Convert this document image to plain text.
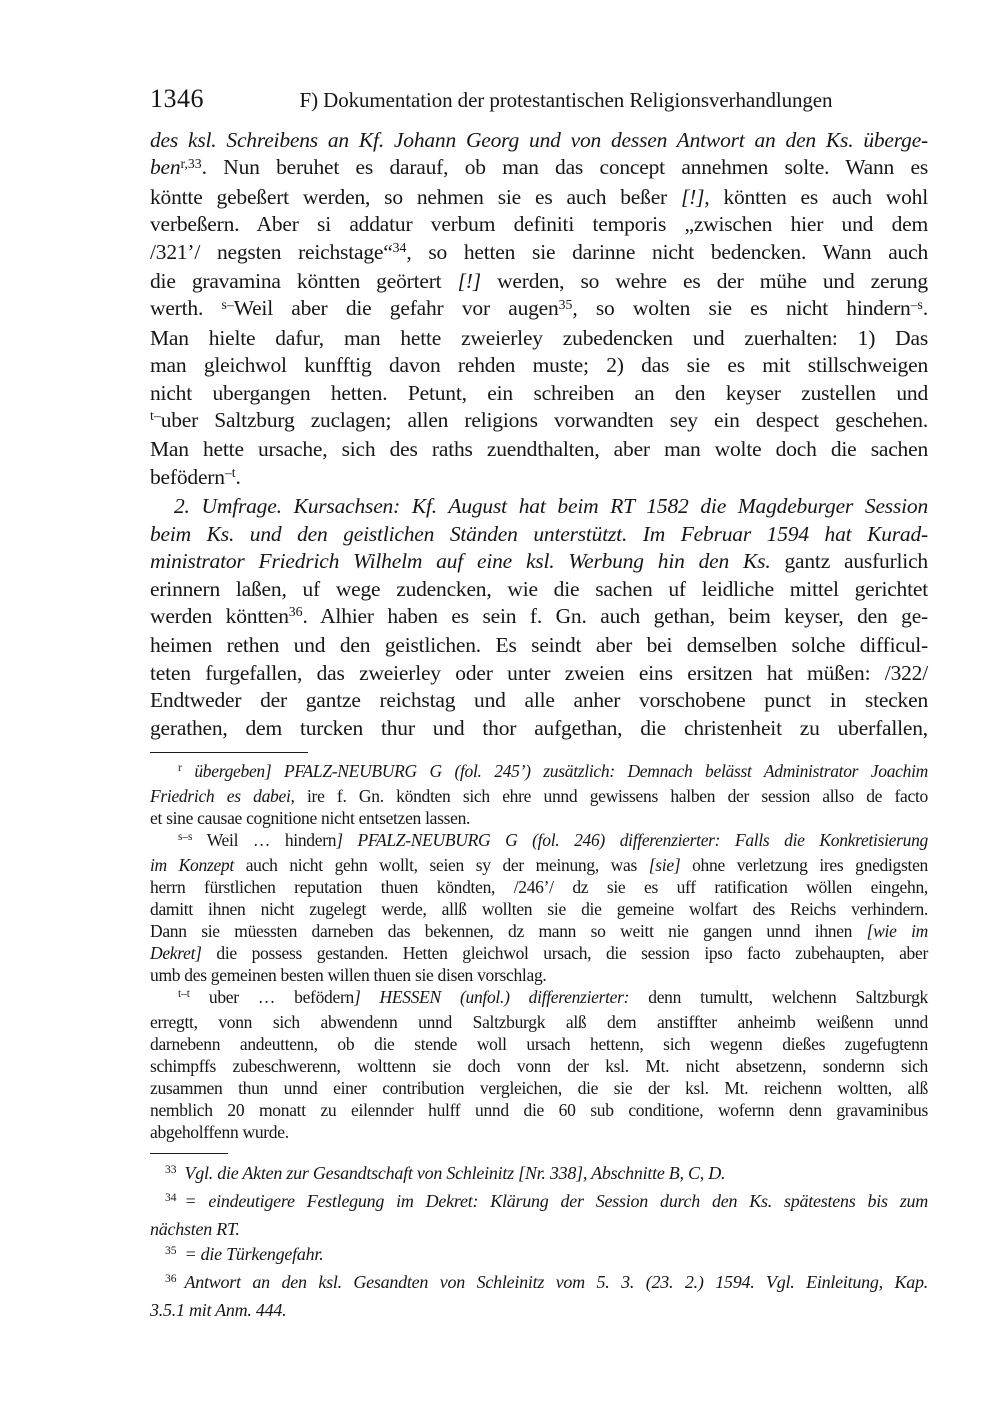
1346	F) Dokumentation der protestantischen Religionsverhandlungen
des ksl. Schreibens an Kf. Johann Georg und von dessen Antwort an den Ks. überge-
ben$^{r,33}$. Nun beruhet es darauf, ob man das concept annehmen solte. Wann es
köntte gebeßert werden, so nehmen sie es auch beßer [!], köntten es auch wohl
verbeßern. Aber si addatur verbum definiti temporis „zwischen hier und dem
/321’/ negsten reichstage“$^{34}$, so hetten sie darinne nicht bedencken. Wann auch
die gravamina köntten geörtert [!] werden, so wehre es der mühe und zerung
werth. $^{s-}$Weil aber die gefahr vor augen$^{35}$, so wolten sie es nicht hindern$^{-s}$.
Man hielte dafur, man hette zweierley zubedencken und zuerhalten: 1) Das
man gleichwol kunfftig davon rehden muste; 2) das sie es mit stillschweigen
nicht ubergangen hetten. Petunt, ein schreiben an den keyser zustellen und
$^{t-}$uber Saltzburg zuclagen; allen religions vorwandten sey ein despect geschehen.
Man hette ursache, sich des raths zuendthalten, aber man wolte doch die sachen
befödern$^{-t}$.
2. Umfrage. Kursachsen: Kf. August hat beim RT 1582 die Magdeburger Session
beim Ks. und den geistlichen Ständen unterstützt. Im Februar 1594 hat Kurad-
ministrator Friedrich Wilhelm auf eine ksl. Werbung hin den Ks. gantz ausfurlich
erinnern laßen, uf wege zudencken, wie die sachen uf leidliche mittel gerichtet
werden köntten$^{36}$. Alhier haben es sein f. Gn. auch gethan, beim keyser, den ge-
heimen rethen und den geistlichen. Es seindt aber bei demselben solche difficul-
teten furgefallen, das zweierley oder unter zweien eins ersitzen hat müßen: /322/
Endtweder der gantze reichstag und alle anher vorschobene punct in stecken
gerathen, dem turcken thur und thor aufgethan, die christenheit zu uberfallen,
$^r$ übergeben] PFALZ-NEUBURG G (fol. 245’) zusätzlich: Demnach belässt Administrator Joachim
Friedrich es dabei, ire f. Gn. köndten sich ehre unnd gewissens halben der session allso de facto
et sine causae cognitione nicht entsetzen lassen.
$^{s-s}$ Weil … hindern] PFALZ-NEUBURG G (fol. 246) differenzierter: Falls die Konkretisierung
im Konzept auch nicht gehn wollt, seien sy der meinung, was [sie] ohne verletzung ires gnedigsten
herrn fürstlichen reputation thuen köndten, /246’/ dz sie es uff ratification wöllen eingehn,
damitt ihnen nicht zugelegt werde, allß wollten sie die gemeine wolfart des Reichs verhindern.
Dann sie müessten darneben das bekennen, dz mann so weitt nie gangen unnd ihnen [wie im
Dekret] die possess gestanden. Hetten gleichwol ursach, die session ipso facto zubehaupten, aber
umb des gemeinen besten willen thuen sie disen vorschlag.
$^{t-t}$ uber … befödern] HESSEN (unfol.) differenzierter: denn tumultt, welchenn Saltzburgk
erregtt, vonn sich abwendenn unnd Saltzburgk alß dem anstiffter anheimb weißenn unnd
darnebenn andeuttenn, ob die stende woll ursach hettenn, sich wegenn dießes zugefugtenn
schimpffs zubeschwerenn, wolttenn sie doch vonn der ksl. Mt. nicht absetzenn, sondernn sich
zusammen thun unnd einer contribution vergleichen, die sie der ksl. Mt. reichenn woltten, alß
nemblich 20 monatt zu eilennder hulff unnd die 60 sub conditione, wofernn denn gravaminibus
abgeholffenn wurde.
$^{33}$ Vgl. die Akten zur Gesandtschaft von Schleinitz [Nr. 338], Abschnitte B, C, D.
$^{34}$ = eindeutigere Festlegung im Dekret: Klärung der Session durch den Ks. spätestens bis zum
nächsten RT.
$^{35}$ = die Türkengefahr.
$^{36}$ Antwort an den ksl. Gesandten von Schleinitz vom 5. 3. (23. 2.) 1594. Vgl. Einleitung, Kap.
3.5.1 mit Anm. 444.
